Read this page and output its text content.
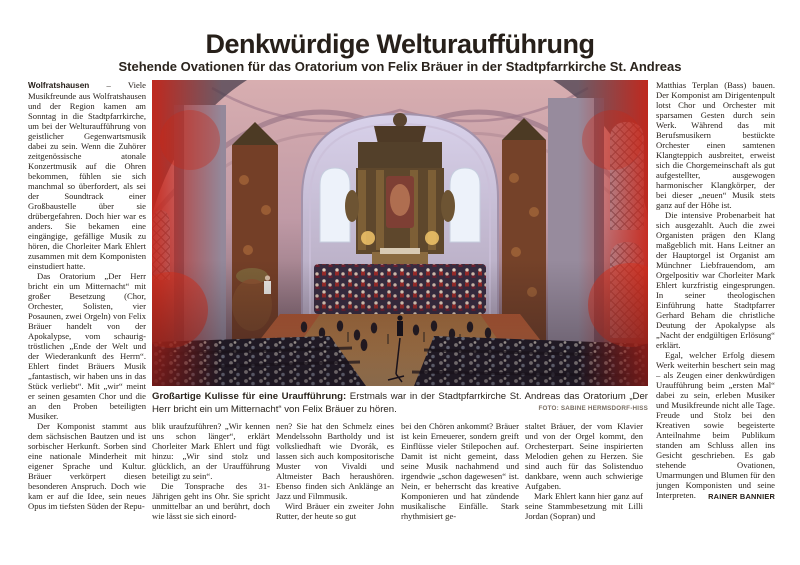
Denkwürdige Welturaufführung
Stehende Ovationen für das Oratorium von Felix Bräuer in der Stadtpfarrkirche St. Andreas

Wolfratshausen – Viele Musikfreunde aus Wolfratshausen und der Region kamen am Sonntag in die Stadtpfarrkirche, um bei der Welturaufführung von geistlicher Gegenwartsmusik dabei zu sein. Wenn die Zuhörer zeitgenössische atonale Konzertmusik auf die Ohren bekommen, fühlen sie sich manchmal so überfordert, als sei der Soundtrack einer Großbaustelle über sie drübergefahren. Doch hier war es anders. Sie bekamen eine eingängige, gefällige Musik zu hören, die Chorleiter Mark Ehlert zusammen mit dem Komponisten einstudiert hatte.

Das Oratorium „Der Herr bricht ein um Mitternacht“ mit großer Besetzung (Chor, Orchester, Solisten, vier Posaunen, zwei Orgeln) von Felix Bräuer handelt von der Apokalypse, vom schaurig-tröstlichen „Ende der Welt und der Wiederankunft des Herrn“. Ehlert findet Bräuers Musik „fantastisch, wir haben uns in das Stück verliebt“. Mit „wir“ meint er seinen gesamten Chor und die an den Proben beteiligten Musiker.

Der Komponist stammt aus dem sächsischen Bautzen und ist sorbischer Herkunft. Sorben sind eine nationale Minderheit mit eigener Sprache und Kultur. Bräuer verkörpert diesen besonderen Anspruch. Doch wie kam er auf die Idee, sein neues Opus im tiefsten Süden der Repu-

Großartige Kulisse für eine Uraufführung: Erstmals war in der Stadtpfarrkirche St. Andreas das Oratorium „Der Herr bricht ein um Mitternacht“ von Felix Bräuer zu hören.	FOTO: SABINE HERMSDORF-HISS

blik uraufzuführen? „Wir kennen uns schon länger“, erklärt Chorleiter Mark Ehlert und fügt hinzu: „Wir sind stolz und glücklich, an der Uraufführung beteiligt zu sein“.

Die Tonsprache des 31-Jährigen geht ins Ohr. Sie spricht unmittelbar an und berührt, doch wie lässt sie sich einord-

nen? Sie hat den Schmelz eines Mendelssohn Bartholdy und ist volksliedhaft wie Dvorák, es lassen sich auch kompositorische Muster von Vivaldi und Altmeister Bach heraushören. Ebenso finden sich Anklänge an Jazz und Filmmusik.

Wird Bräuer ein zweiter John Rutter, der heute so gut

bei den Chören ankommt? Bräuer ist kein Erneuerer, sondern greift Einflüsse vieler Stilepochen auf. Damit ist nicht gemeint, dass seine Musik nachahmend und irgendwie „schon dagewesen“ ist. Nein, er beherrscht das kreative Komponieren und hat zündende musikalische Einfälle. Stark rhythmisiert ge-

staltet Bräuer, der vom Klavier und von der Orgel kommt, den Orchesterpart. Seine inspirierten Melodien gehen zu Herzen. Sie sind auch für das Solistenduo dankbare, wenn auch schwierige Aufgaben.

Mark Ehlert kann hier ganz auf seine Stammbesetzung mit Lilli Jordan (Sopran) und

Matthias Terplan (Bass) bauen. Der Komponist am Dirigentenpult lotst Chor und Orchester mit sparsamen Gesten durch sein Werk. Während das mit Berufsmusikern bestückte Orchester einen samtenen Klangteppich ausbreitet, erweist sich die Chorgemeinschaft als gut aufgestellter, ausgewogen harmonischer Klangkörper, der bei dieser „neuen“ Musik stets ganz auf der Höhe ist.

Die intensive Probenarbeit hat sich ausgezahlt. Auch die zwei Organisten prägen den Klang maßgeblich mit. Hans Leitner an der Hauptorgel ist Organist am Münchner Liebfrauendom, am Orgelpositiv war Chorleiter Mark Ehlert kurzfristig eingesprungen. In seiner theologischen Einführung hatte Stadtpfarrer Gerhard Beham die christliche Deutung der Apokalypse als „Nacht der endgültigen Erlösung“ erklärt.

Egal, welcher Erfolg diesem Werk weiterhin beschert sein mag – als Zeugen einer denkwürdigen Uraufführung beim „ersten Mal“ dabei zu sein, erleben Musiker und Musikfreunde nicht alle Tage. Freude und Stolz bei den Kreativen sowie begeisterte Anteilnahme beim Publikum standen am Schluss allen ins Gesicht geschrieben. Es gab stehende Ovationen, Umarmungen und Blumen für den jungen Komponisten und seine Interpreten.	RAINER BANNIER
